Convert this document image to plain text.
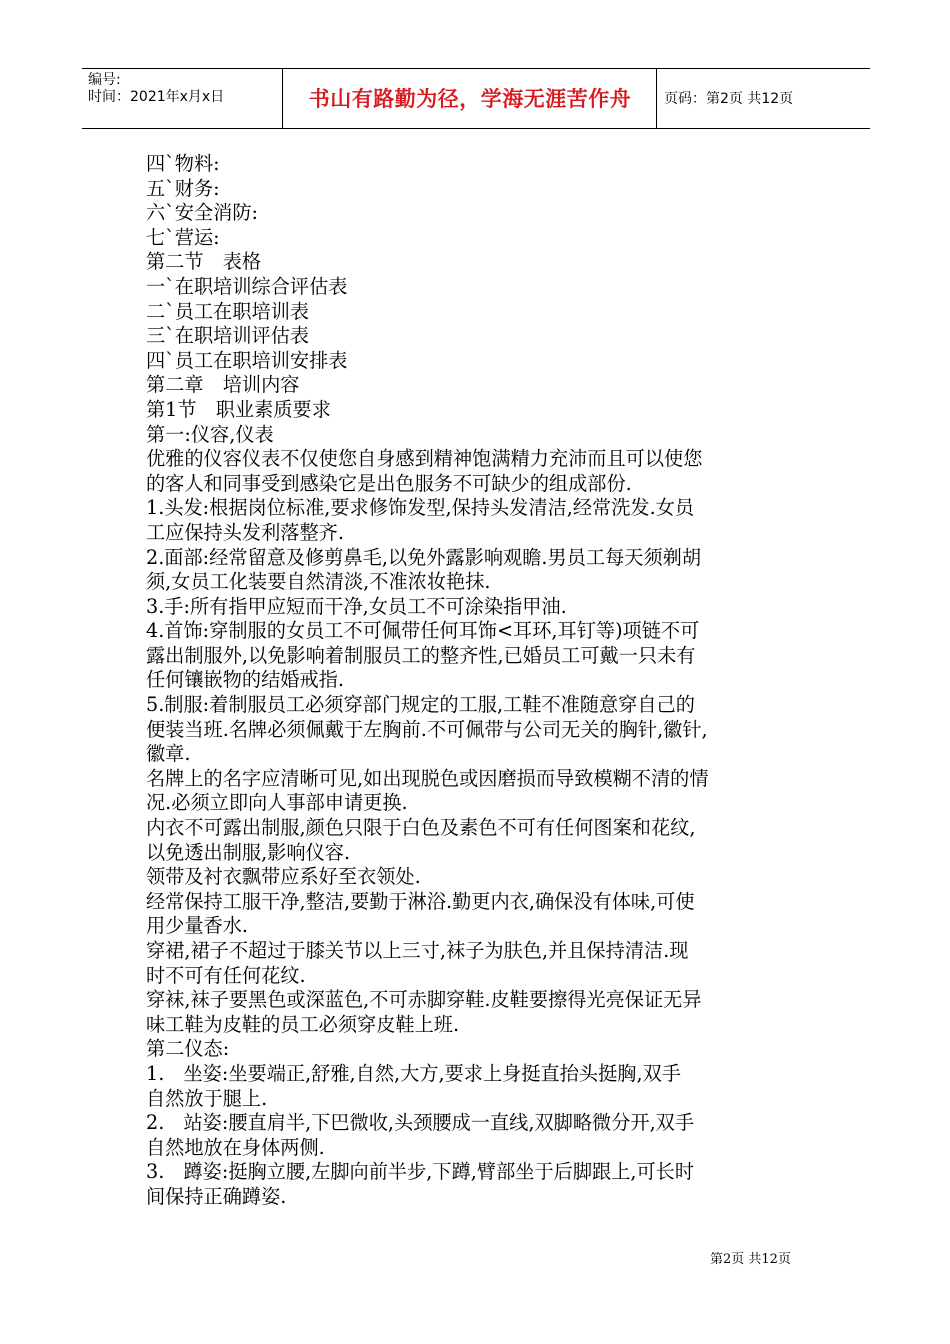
编号:
时间：2021年x月x日	书山有路勤为径，学海无涯苦作舟	页码：第2页 共12页
四`物料:
五`财务:
六`安全消防:
七`营运:
第二节　表格
一`在职培训综合评估表
二`员工在职培训表
三`在职培训评估表
四`员工在职培训安排表
第二章　培训内容
第1节　职业素质要求
第一:仪容,仪表
优雅的仪容仪表不仅使您自身感到精神饱满精力充沛而且可以使您
的客人和同事受到感染它是出色服务不可缺少的组成部份.
1.头发:根据岗位标准,要求修饰发型,保持头发清洁,经常洗发.女员
工应保持头发利落整齐.
2.面部:经常留意及修剪鼻毛,以免外露影响观瞻.男员工每天须剃胡
须,女员工化装要自然清淡,不准浓妆艳抹.
3.手:所有指甲应短而干净,女员工不可涂染指甲油.
4.首饰:穿制服的女员工不可佩带任何耳饰<耳环,耳钉等)项链不可
露出制服外,以免影响着制服员工的整齐性,已婚员工可戴一只未有
任何镶嵌物的结婚戒指.
5.制服:着制服员工必须穿部门规定的工服,工鞋不准随意穿自己的
便装当班.名牌必须佩戴于左胸前.不可佩带与公司无关的胸针,徽针,
徽章.
名牌上的名字应清晰可见,如出现脱色或因磨损而导致模糊不清的情
况.必须立即向人事部申请更换.
内衣不可露出制服,颜色只限于白色及素色不可有任何图案和花纹,
以免透出制服,影响仪容.
领带及衬衣飘带应系好至衣领处.
经常保持工服干净,整洁,要勤于淋浴.勤更内衣,确保没有体味,可使
用少量香水.
穿裙,裙子不超过于膝关节以上三寸,袜子为肤色,并且保持清洁.现
时不可有任何花纹.
穿袜,袜子要黑色或深蓝色,不可赤脚穿鞋.皮鞋要擦得光亮保证无异
味工鞋为皮鞋的员工必须穿皮鞋上班.
第二仪态:
1.　坐姿:坐要端正,舒雅,自然,大方,要求上身挺直抬头挺胸,双手
自然放于腿上.
2.　站姿:腰直肩半,下巴微收,头颈腰成一直线,双脚略微分开,双手
自然地放在身体两侧.
3.　蹲姿:挺胸立腰,左脚向前半步,下蹲,臂部坐于后脚跟上,可长时
间保持正确蹲姿.
第2页 共12页
